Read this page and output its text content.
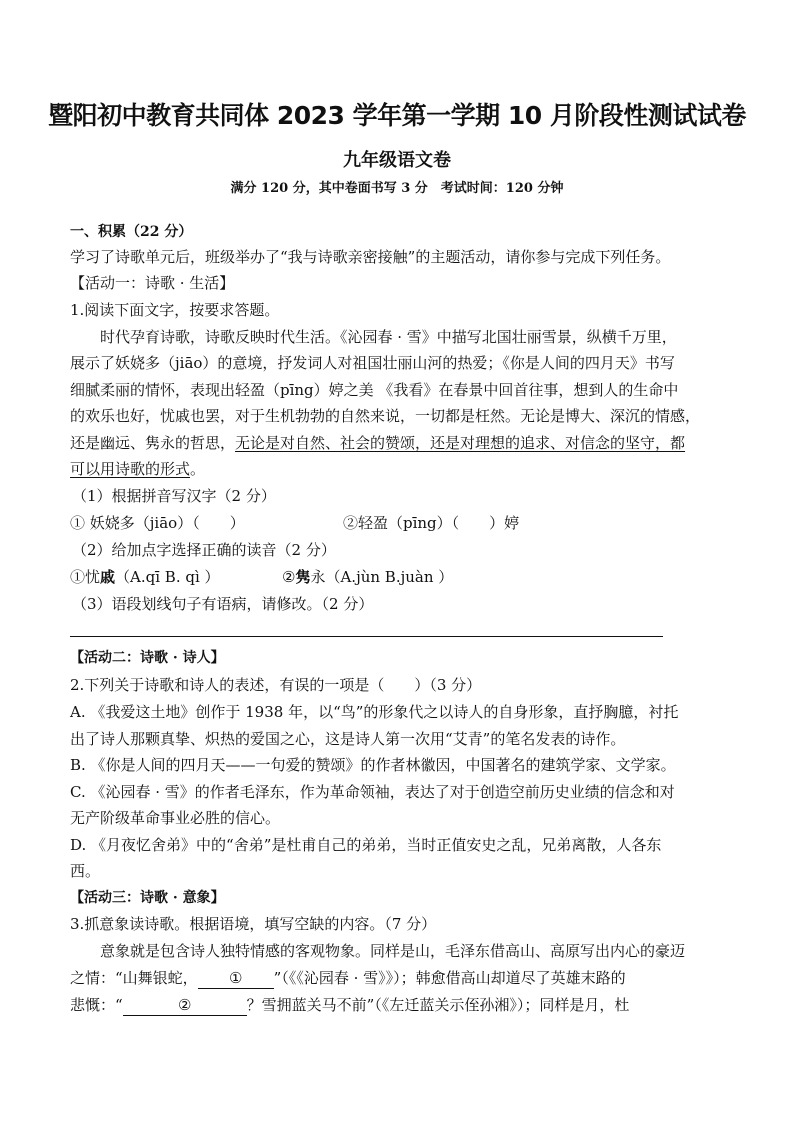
暨阳初中教育共同体 2023 学年第一学期 10 月阶段性测试试卷
九年级语文卷
满分 120 分，其中卷面书写 3 分　考试时间：120 分钟
一、积累（22 分）
学习了诗歌单元后，班级举办了“我与诗歌亲密接触”的主题活动，请你参与完成下列任务。
【活动一：诗歌 · 生活】
1.阅读下面文字，按要求答题。
时代孕育诗歌，诗歌反映时代生活。《沁园春 · 雪》中描写北国壮丽雪景，纵横千万里，
展示了妖娆多（jiāo）的意境，抒发词人对祖国壮丽山河的热爱；《你是人间的四月天》书写
细腻柔丽的情怀，表现出轻盈（pīng）婷之美 《我看》在春景中回首往事，想到人的生命中
的欢乐也好，忧戚也罢，对于生机勃勃的自然来说，一切都是枉然。无论是博大、深沉的情感，
还是幽远、隽永的哲思，无论是对自然、社会的赞颂，还是对理想的追求、对信念的坚守，都
可以用诗歌的形式。
（1）根据拼音写汉字（2 分）
① 妖娆多（jiāo）（　　）	②轻盈（pīng）（　　）婷
（2）给加点字选择正确的读音（2 分）
①忧戚（A.qī B. qì ）	②隽永（A.jùn B.juàn ）
（3）语段划线句子有语病，请修改。（2 分）
【活动二：诗歌 · 诗人】
2.下列关于诗歌和诗人的表述，有误的一项是（　　）（3 分）
A. 《我爱这土地》创作于 1938 年，以“鸟”的形象代之以诗人的自身形象，直抒胸臆，衬托
出了诗人那颗真挚、炽热的爱国之心，这是诗人第一次用“艾青”的笔名发表的诗作。
B. 《你是人间的四月天——一句爱的赞颂》的作者林徽因，中国著名的建筑学家、文学家。
C. 《沁园春 · 雪》的作者毛泽东，作为革命领袖，表达了对于创造空前历史业绩的信念和对
无产阶级革命事业必胜的信心。
D. 《月夜忆舍弟》中的“舍弟”是杜甫自己的弟弟，当时正值安史之乱，兄弟离散，人各东
西。
【活动三：诗歌 · 意象】
3.抓意象读诗歌。根据语境，填写空缺的内容。（7 分）
意象就是包含诗人独特情感的客观物象。同样是山，毛泽东借高山、高原写出内心的豪迈
之情：“山舞银蛇， ① ”（《《沁园春 · 雪》》）；韩愈借高山却道尽了英雄末路的
悲慨：“	②	？雪拥蓝关马不前”（《左迁蓝关示侄孙湘》）；同样是月，杜
